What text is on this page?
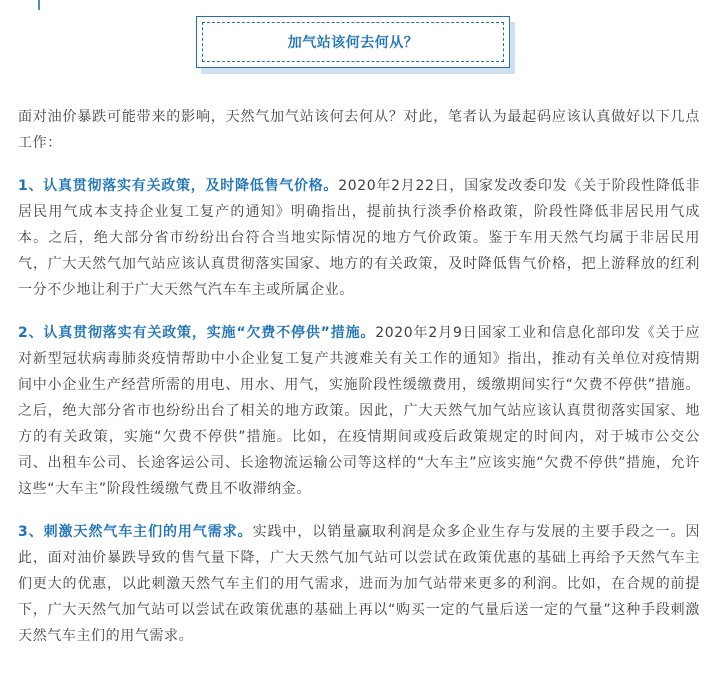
加气站该何去何从？

面对油价暴跌可能带来的影响，天然气加气站该何去何从？对此，笔者认为最起码应该认真做好以下几点工作：

1、认真贯彻落实有关政策，及时降低售气价格。2020年2月22日，国家发改委印发《关于阶段性降低非居民用气成本支持企业复工复产的通知》明确指出，提前执行淡季价格政策，阶段性降低非居民用气成本。之后，绝大部分省市纷纷出台符合当地实际情况的地方气价政策。鉴于车用天然气均属于非居民用气，广大天然气加气站应该认真贯彻落实国家、地方的有关政策，及时降低售气价格，把上游释放的红利一分不少地让利于广大天然气汽车车主或所属企业。

2、认真贯彻落实有关政策，实施“欠费不停供”措施。2020年2月9日国家工业和信息化部印发《关于应对新型冠状病毒肺炎疫情帮助中小企业复工复产共渡难关有关工作的通知》指出，推动有关单位对疫情期间中小企业生产经营所需的用电、用水、用气，实施阶段性缓缴费用，缓缴期间实行“欠费不停供”措施。之后，绝大部分省市也纷纷出台了相关的地方政策。因此，广大天然气加气站应该认真贯彻落实国家、地方的有关政策，实施“欠费不停供”措施。比如，在疫情期间或疫后政策规定的时间内，对于城市公交公司、出租车公司、长途客运公司、长途物流运输公司等这样的“大车主”应该实施“欠费不停供”措施，允许这些“大车主”阶段性缓缴气费且不收滞纳金。

3、刺激天然气车主们的用气需求。实践中，以销量赢取利润是众多企业生存与发展的主要手段之一。因此，面对油价暴跌导致的售气量下降，广大天然气加气站可以尝试在政策优惠的基础上再给予天然气车主们更大的优惠，以此刺激天然气车主们的用气需求，进而为加气站带来更多的利润。比如，在合规的前提下，广大天然气加气站可以尝试在政策优惠的基础上再以“购买一定的气量后送一定的气量”这种手段刺激天然气车主们的用气需求。
